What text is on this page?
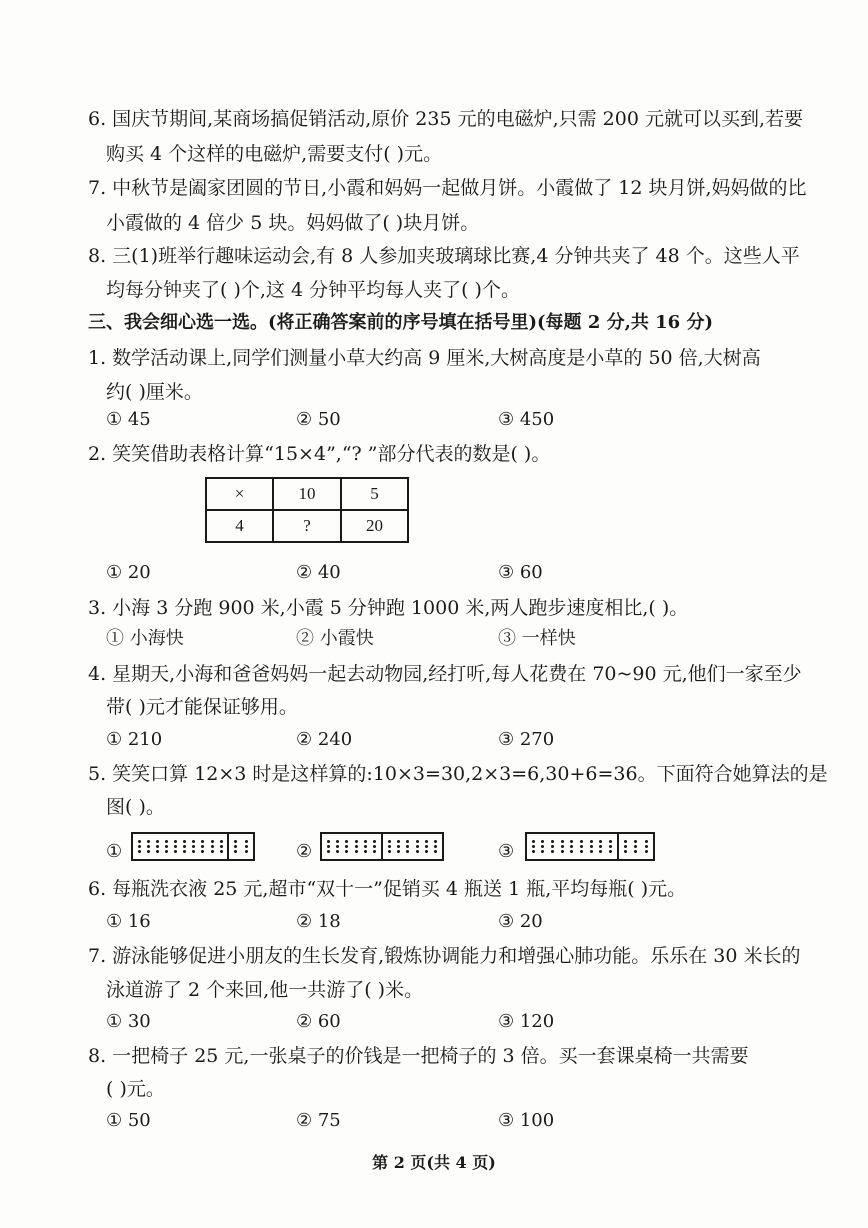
6. 国庆节期间,某商场搞促销活动,原价 235 元的电磁炉,只需 200 元就可以买到,若要
购买 4 个这样的电磁炉,需要支付( )元。
7. 中秋节是阖家团圆的节日,小霞和妈妈一起做月饼。小霞做了 12 块月饼,妈妈做的比
小霞做的 4 倍少 5 块。妈妈做了( )块月饼。
8. 三(1)班举行趣味运动会,有 8 人参加夹玻璃球比赛,4 分钟共夹了 48 个。这些人平
均每分钟夹了( )个,这 4 分钟平均每人夹了( )个。
三、我会细心选一选。(将正确答案前的序号填在括号里)(每题 2 分,共 16 分)
1. 数学活动课上,同学们测量小草大约高 9 厘米,大树高度是小草的 50 倍,大树高
约( )厘米。
① 45	② 50	③ 450
2. 笑笑借助表格计算“15×4”,“? ”部分代表的数是( )。
×	10	5
4	?	20
① 20	② 40	③ 60
3. 小海 3 分跑 900 米,小霞 5 分钟跑 1000 米,两人跑步速度相比,( )。
① 小海快	② 小霞快	③ 一样快
4. 星期天,小海和爸爸妈妈一起去动物园,经打听,每人花费在 70~90 元,他们一家至少
带( )元才能保证够用。
① 210	② 240	③ 270
5. 笑笑口算 12×3 时是这样算的:10×3=30,2×3=6,30+6=36。下面符合她算法的是
图( )。
①	②	③
6. 每瓶洗衣液 25 元,超市“双十一”促销买 4 瓶送 1 瓶,平均每瓶( )元。
① 16	② 18	③ 20
7. 游泳能够促进小朋友的生长发育,锻炼协调能力和增强心肺功能。乐乐在 30 米长的
泳道游了 2 个来回,他一共游了( )米。
① 30	② 60	③ 120
8. 一把椅子 25 元,一张桌子的价钱是一把椅子的 3 倍。买一套课桌椅一共需要
( )元。
① 50	② 75	③ 100
第 2 页(共 4 页)
